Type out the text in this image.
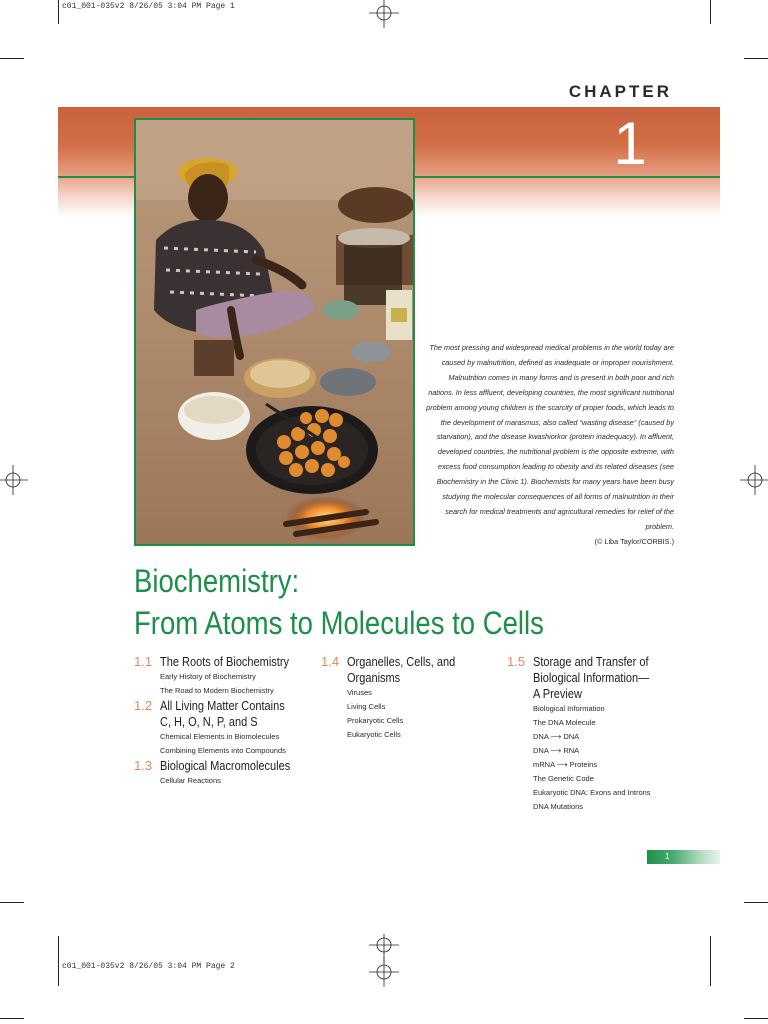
c01_001-035v2 8/26/05 3:04 PM Page 1
c01_001-035v2 8/26/05 3:04 PM Page 2
CHAPTER
1
The most pressing and widespread medical problems in the world today are caused by malnutrition, defined as inadequate or improper nourishment. Malnutrition comes in many forms and is present in both poor and rich nations. In less affluent, developing countries, the most significant nutritional problem among young children is the scarcity of proper foods, which leads to the development of marasmus, also called “wasting disease” (caused by starvation), and the disease kwashiorkor (protein inadequacy). In affluent, developed countries, the nutritional problem is the opposite extreme, with excess food consumption leading to obesity and its related diseases (see Biochemistry in the Clinic 1). Biochemists for many years have been busy studying the molecular consequences of all forms of malnutrition in their search for medical treatments and agricultural remedies for relief of the problem.
(© Liba Taylor/CORBIS.)
Biochemistry:
From Atoms to Molecules to Cells
1.1 The Roots of Biochemistry
Early History of Biochemistry
The Road to Modern Biochemistry
1.2 All Living Matter Contains C, H, O, N, P, and S
Chemical Elements in Biomolecules
Combining Elements into Compounds
1.3 Biological Macromolecules
Cellular Reactions
1.4 Organelles, Cells, and Organisms
Viruses
Living Cells
Prokaryotic Cells
Eukaryotic Cells
1.5 Storage and Transfer of Biological Information— A Preview
Biological Information
The DNA Molecule
DNA ⟶ DNA
DNA ⟶ RNA
mRNA ⟶ Proteins
The Genetic Code
Eukaryotic DNA: Exons and Introns
DNA Mutations
1
